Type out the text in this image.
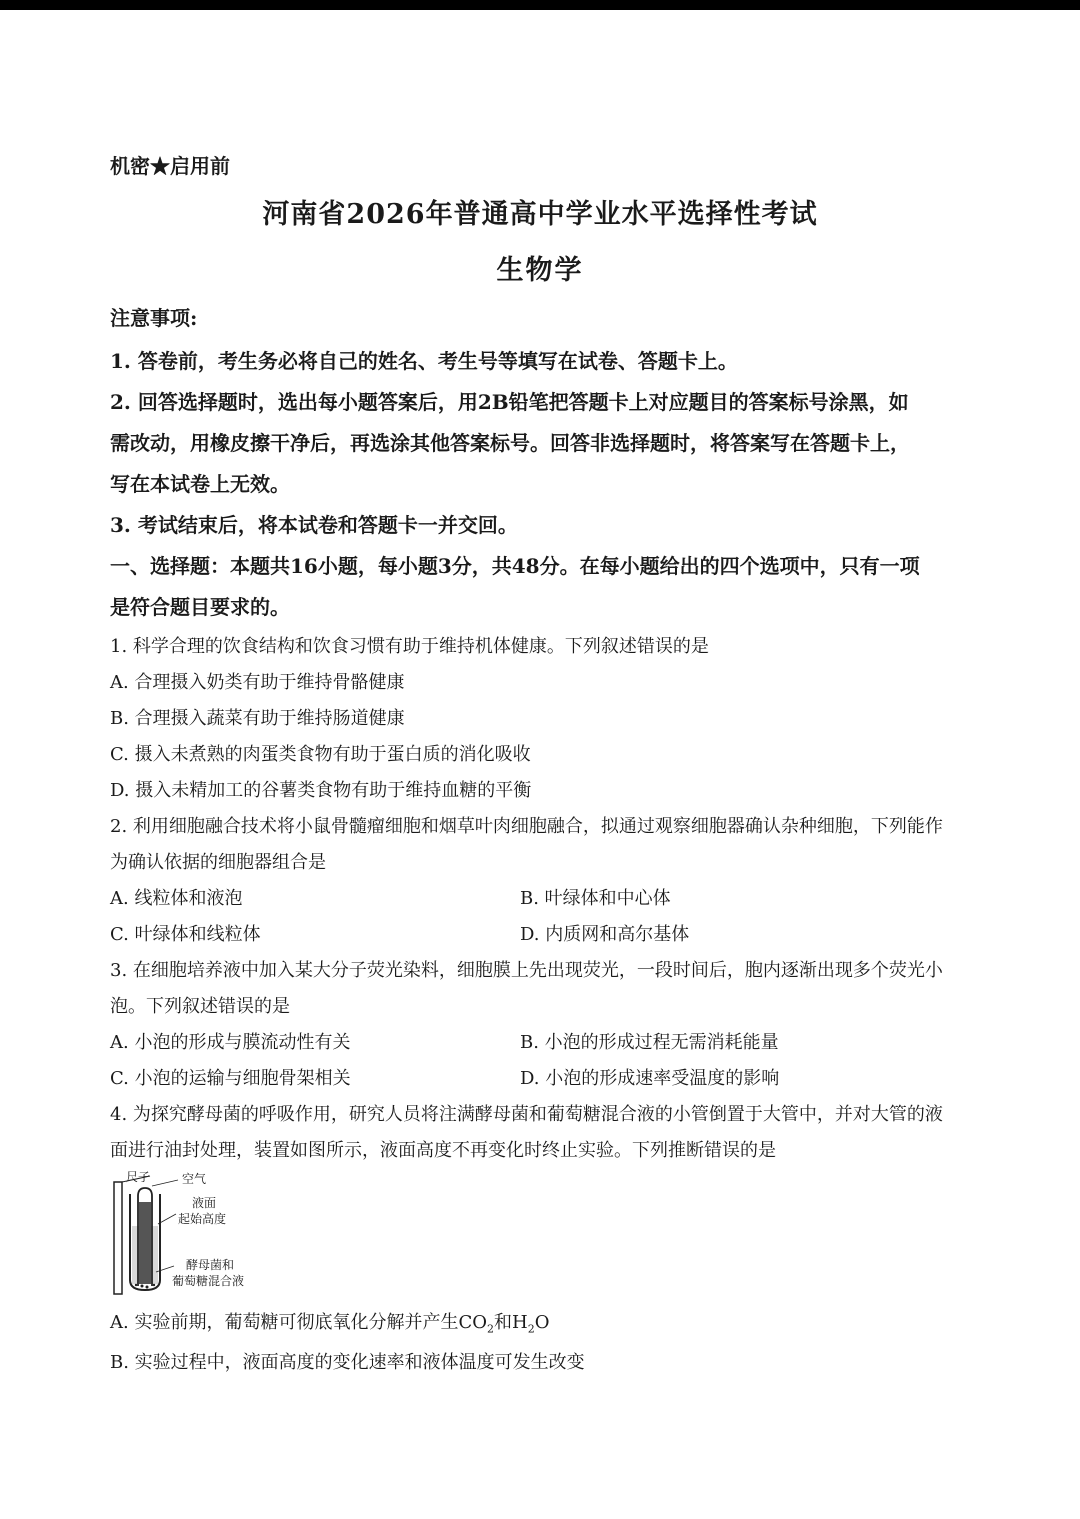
机密★启用前
河南省2026年普通高中学业水平选择性考试
生物学
注意事项:
1. 答卷前，考生务必将自己的姓名、考生号等填写在试卷、答题卡上。
2. 回答选择题时，选出每小题答案后，用2B铅笔把答题卡上对应题目的答案标号涂黑，如
需改动，用橡皮擦干净后，再选涂其他答案标号。回答非选择题时，将答案写在答题卡上，
写在本试卷上无效。
3. 考试结束后，将本试卷和答题卡一并交回。
一、选择题：本题共16小题，每小题3分，共48分。在每小题给出的四个选项中，只有一项
是符合题目要求的。
1. 科学合理的饮食结构和饮食习惯有助于维持机体健康。下列叙述错误的是
A. 合理摄入奶类有助于维持骨骼健康
B. 合理摄入蔬菜有助于维持肠道健康
C. 摄入未煮熟的肉蛋类食物有助于蛋白质的消化吸收
D. 摄入未精加工的谷薯类食物有助于维持血糖的平衡
2. 利用细胞融合技术将小鼠骨髓瘤细胞和烟草叶肉细胞融合，拟通过观察细胞器确认杂种细胞，下列能作
为确认依据的细胞器组合是
A. 线粒体和液泡	B. 叶绿体和中心体
C. 叶绿体和线粒体	D. 内质网和高尔基体
3. 在细胞培养液中加入某大分子荧光染料，细胞膜上先出现荧光，一段时间后，胞内逐渐出现多个荧光小
泡。下列叙述错误的是
A. 小泡的形成与膜流动性有关	B. 小泡的形成过程无需消耗能量
C. 小泡的运输与细胞骨架相关	D. 小泡的形成速率受温度的影响
4. 为探究酵母菌的呼吸作用，研究人员将注满酵母菌和葡萄糖混合液的小管倒置于大管中，并对大管的液
面进行油封处理，装置如图所示，液面高度不再变化时终止实验。下列推断错误的是
尺子	空气
液面
起始高度
酵母菌和
葡萄糖混合液
A. 实验前期，葡萄糖可彻底氧化分解并产生$CO_2$和$H_2O$
B. 实验过程中，液面高度的变化速率和液体温度可发生改变
